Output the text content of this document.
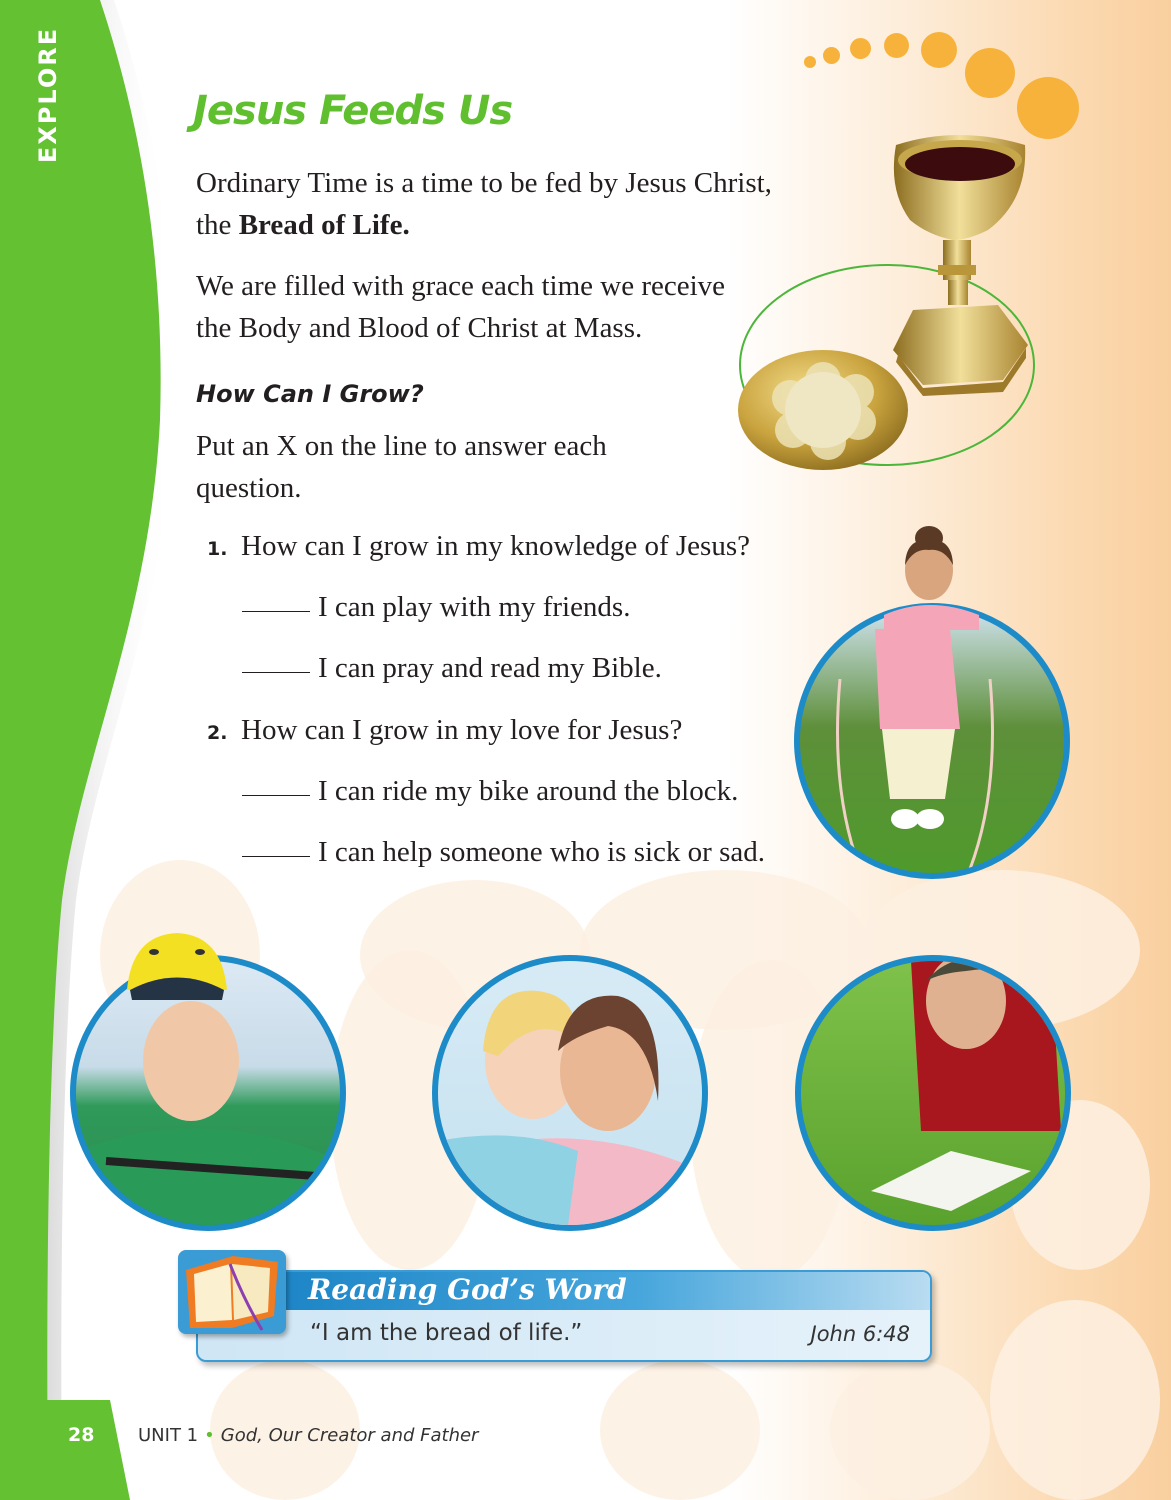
EXPLORE	Jesus Feeds Us
Ordinary Time is a time to be fed by Jesus Christ,
the Bread of Life.
We are filled with grace each time we receive
the Body and Blood of Christ at Mass.
How Can I Grow?
Put an X on the line to answer each
question.
1. How can I grow in my knowledge of Jesus?
I can play with my friends.
I can pray and read my Bible.
2. How can I grow in my love for Jesus?
I can ride my bike around the block.
I can help someone who is sick or sad.
Reading God’s Word
“I am the bread of life.”	John 6:48
28 UNIT 1 • God, Our Creator and Father
